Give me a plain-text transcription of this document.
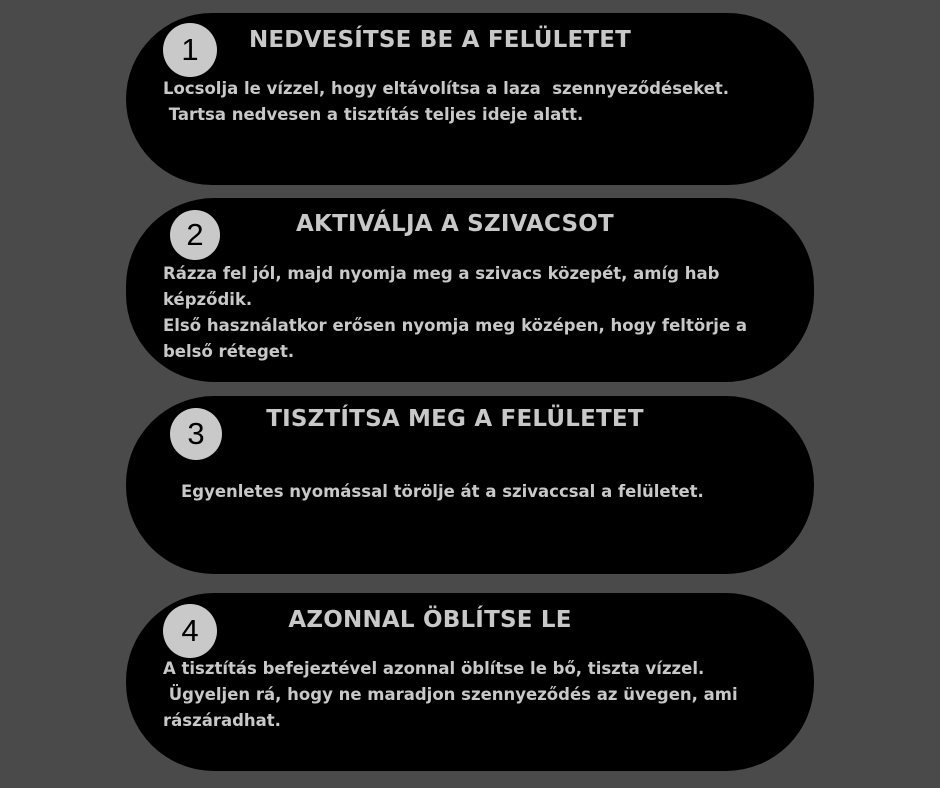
1	NEDVESÍTSE BE A FELÜLETET
Locsolja le vízzel, hogy eltávolítsa a laza  szennyeződéseket.
Tartsa nedvesen a tisztítás teljes ideje alatt.
2	AKTIVÁLJA A SZIVACSOT
Rázza fel jól, majd nyomja meg a szivacs közepét, amíg hab
képződik.
Első használatkor erősen nyomja meg középen, hogy feltörje a
belső réteget.
3	TISZTÍTSA MEG A FELÜLETET
Egyenletes nyomással törölje át a szivaccsal a felületet.
4	AZONNAL ÖBLÍTSE LE
A tisztítás befejeztével azonnal öblítse le bő, tiszta vízzel.
Ügyeljen rá, hogy ne maradjon szennyeződés az üvegen, ami
rászáradhat.
